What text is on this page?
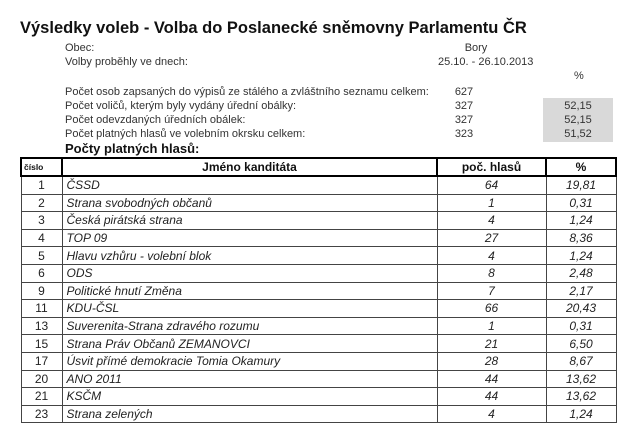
Výsledky voleb - Volba do Poslanecké sněmovny Parlamentu ČR
Obec:	Bory
Volby proběhly ve dnech:	25.10. - 26.10.2013
%
Počet osob zapsaných do výpisů ze stálého a zvláštního seznamu celkem:	627
Počet voličů, kterým byly vydány úřední obálky:	327	52,15
Počet odevzdaných úředních obálek:	327	52,15
Počet platných hlasů ve volebním okrsku celkem:	323	51,52
Počty platných hlasů:
číslo	Jméno kanditáta	poč. hlasů	%
1	ČSSD	64	19,81
2	Strana svobodných občanů	1	0,31
3	Česká pirátská strana	4	1,24
4	TOP 09	27	8,36
5	Hlavu vzhůru - volební blok	4	1,24
6	ODS	8	2,48
9	Politické hnutí Změna	7	2,17
11	KDU-ČSL	66	20,43
13	Suverenita-Strana zdravého rozumu	1	0,31
15	Strana Práv Občanů ZEMANOVCI	21	6,50
17	Úsvit přímé demokracie Tomia Okamury	28	8,67
20	ANO 2011	44	13,62
21	KSČM	44	13,62
23	Strana zelených	4	1,24
